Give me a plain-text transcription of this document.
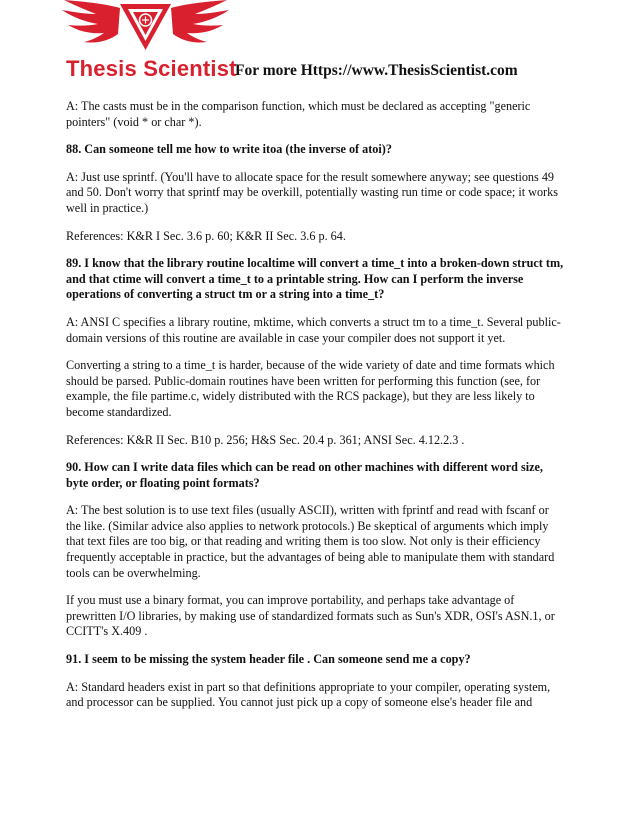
Thesis Scientist
For more Https://www.ThesisScientist.com

A: The casts must be in the comparison function, which must be declared as accepting "generic pointers" (void * or char *).

88. Can someone tell me how to write itoa (the inverse of atoi)?

A: Just use sprintf. (You'll have to allocate space for the result somewhere anyway; see questions 49 and 50. Don't worry that sprintf may be overkill, potentially wasting run time or code space; it works well in practice.)

References: K&R I Sec. 3.6 p. 60; K&R II Sec. 3.6 p. 64.

89. I know that the library routine localtime will convert a time_t into a broken-down struct tm, and that ctime will convert a time_t to a printable string. How can I perform the inverse operations of converting a struct tm or a string into a time_t?

A: ANSI C specifies a library routine, mktime, which converts a struct tm to a time_t. Several public-domain versions of this routine are available in case your compiler does not support it yet.

Converting a string to a time_t is harder, because of the wide variety of date and time formats which should be parsed. Public-domain routines have been written for performing this function (see, for example, the file partime.c, widely distributed with the RCS package), but they are less likely to become standardized.

References: K&R II Sec. B10 p. 256; H&S Sec. 20.4 p. 361; ANSI Sec. 4.12.2.3 .

90. How can I write data files which can be read on other machines with different word size, byte order, or floating point formats?

A: The best solution is to use text files (usually ASCII), written with fprintf and read with fscanf or the like. (Similar advice also applies to network protocols.) Be skeptical of arguments which imply that text files are too big, or that reading and writing them is too slow. Not only is their efficiency frequently acceptable in practice, but the advantages of being able to manipulate them with standard tools can be overwhelming.

If you must use a binary format, you can improve portability, and perhaps take advantage of prewritten I/O libraries, by making use of standardized formats such as Sun's XDR, OSI's ASN.1, or CCITT's X.409 .

91. I seem to be missing the system header file . Can someone send me a copy?

A: Standard headers exist in part so that definitions appropriate to your compiler, operating system, and processor can be supplied. You cannot just pick up a copy of someone else's header file and
